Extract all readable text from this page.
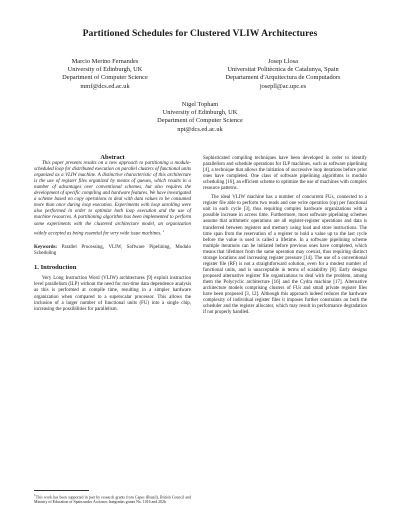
Partitioned Schedules for Clustered VLIW Architectures
Marcio Merino Fernandes
University of Edinburgh, UK
Department of Computer Science
mmf@dcs.ed.ac.uk
Josep Llosa
Universitat Politècnica de Catalunya, Spain
Departament d'Arquitectura de Computadors
josepll@ac.upc.es
Nigel Topham
University of Edinburgh, UK
Department of Computer Science
npt@dcs.ed.ac.uk

Abstract

This paper presents results on a new approach to partitioning a modulo-scheduled loop for distributed execution on parallel clusters of functional units organized as a VLIW machine. A distinctive characteristic of this architecture is the use of register files organized by means of queues, which results in a number of advantages over conventional schemes, but also requires the development of specific compiling and hardware features. We have investigated a scheme based on copy operations to deal with data values to be consumed more than once during loop execution. Experiments with loop unrolling were also performed in order to optimize both loop execution and the use of machine resources. A partitioning algorithm has been implemented to perform some experiments with the clustered architecture model, an organization widely accepted as being essential for very wide issue machines. $^1$

Keywords: Parallel Processing, VLIW, Software Pipelining, Modulo Scheduling

1. Introduction

Very Long Instruction Word (VLIW) architectures [9] exploit instruction level parallelism (ILP) without the need for run-time data dependence analysis as this is performed at compile time, resulting in a simpler hardware organization when compared to a superscalar processor. This allows the inclusion of a larger number of functional units (FU) into a single chip, increasing the possibilities for parallelism.

1This work has been supported in part by research grants from Capes (Brazil), British Council and Ministry of Education of Spain under Acciones Integradas grants No. 1016 and 202b

Sophisticated compiling techniques have been developed in order to identify parallelism and schedule operations for ILP machines, such as software pipelining [4], a technique that allows the initiation of successive loop iterations before prior ones have completed. One class of software pipelining algorithms is modulo scheduling [16], an efficient scheme to optimize the use of machines with complex resource patterns.

The ideal VLIW machine has a number of concurrent FUs, connected to a register file able to perform two reads and one write operation (op) per functional unit in each cycle [3], thus requiring complex hardware organizations with a possible increase in access time. Furthermore, most software pipelining schemes assume that arithmetic operations are all register-register operations and data is transferred between registers and memory using load and store instructions. The time span from the reservation of a register to hold a value up to the last cycle before the value is used is called a lifetime. In a software pipelining scheme multiple iterations can be initiated before previous ones have completed, which means that lifetimes from the same operation may coexist, thus requiring distinct storage locations and increasing register pressure [14]. The use of a conventional register file (RF) is not a straightforward solution, even for a modest number of functional units, and is unacceptable in terms of scalability [8]. Early designs proposed alternative register file organizations to deal with the problem, among them the Polycyclic architecture [16] and the Cydra machine [17]. Alternative architecture models comprising clusters of FUs and small private register files have been proposed [3, 12]. Although this approach indeed reduces the hardware complexity of individual register files it imposes further constraints on both the scheduler and the register allocator, which may result in performance degradation if not properly handled.
